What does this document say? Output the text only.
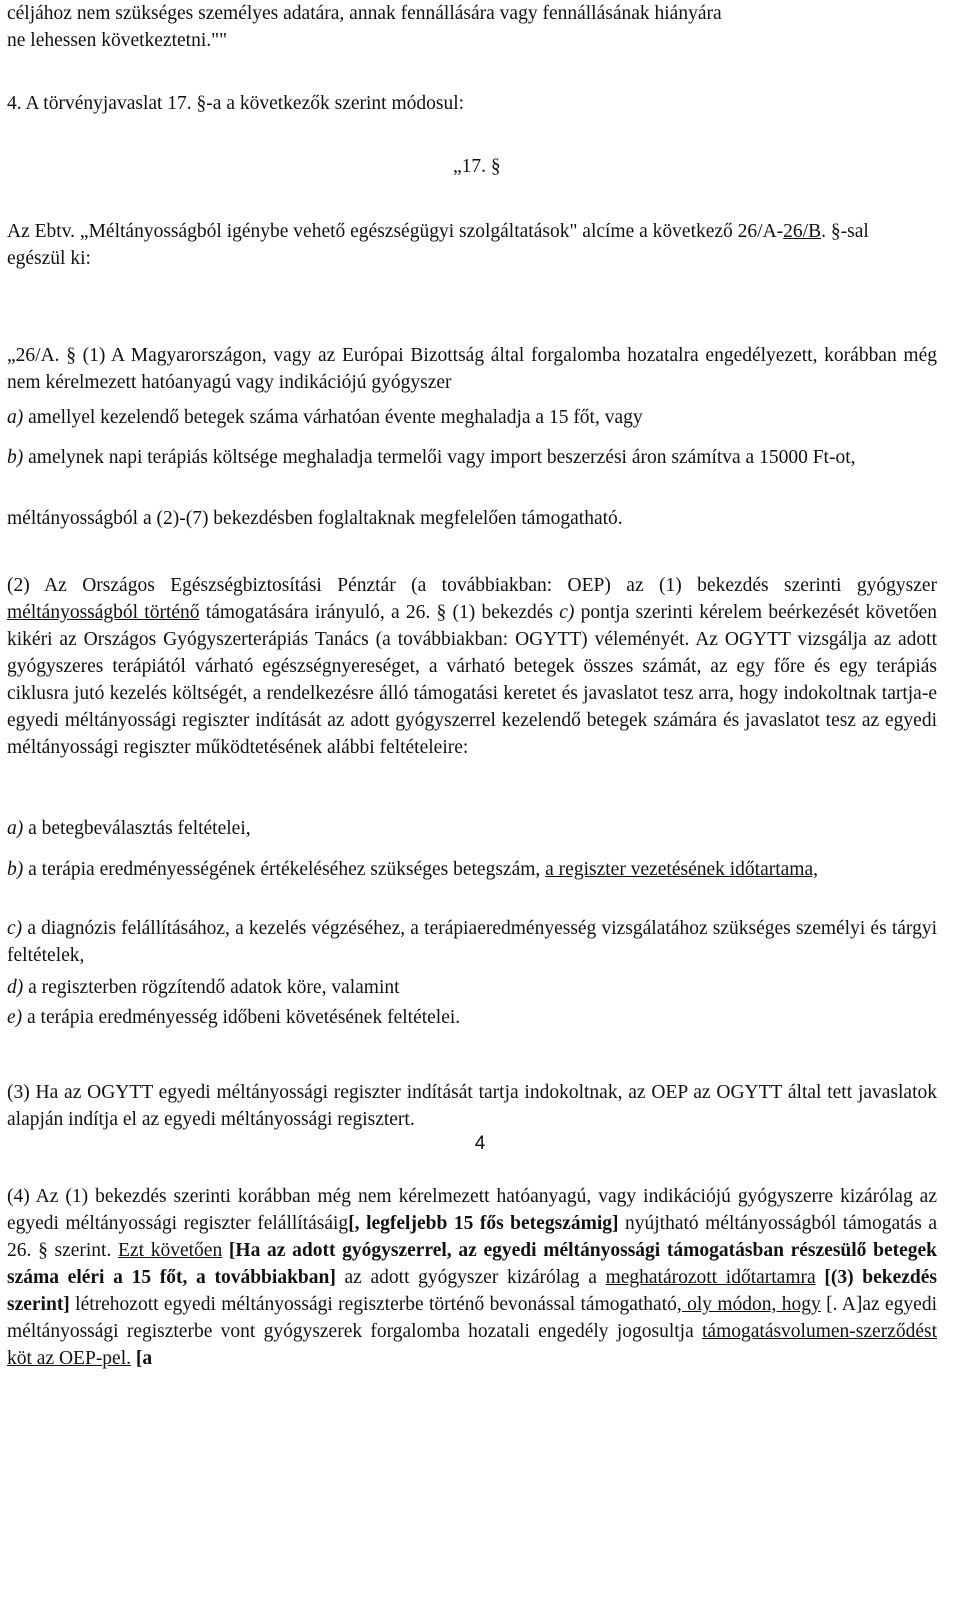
céljához nem szükséges személyes adatára, annak fennállására vagy fennállásának hiányára
ne lehessen következtetni.""

4. A törvényjavaslat 17. §-a a következők szerint módosul:

„17. §

Az Ebtv. „Méltányosságból igénybe vehető egészségügyi szolgáltatások" alcíme a következő 26/A-26/B. §-sal egészül ki:

„26/A. § (1) A Magyarországon, vagy az Európai Bizottság által forgalomba hozatalra engedélyezett, korábban még nem kérelmezett hatóanyagú vagy indikációjú gyógyszer

a) amellyel kezelendő betegek száma várhatóan évente meghaladja a 15 főt, vagy

b) amelynek napi terápiás költsége meghaladja termelői vagy import beszerzési áron számítva a 15000 Ft-ot,

méltányosságból a (2)-(7) bekezdésben foglaltaknak megfelelően támogatható.

(2) Az Országos Egészségbiztosítási Pénztár (a továbbiakban: OEP) az (1) bekezdés szerinti gyógyszer méltányosságból történő támogatására irányuló, a 26. § (1) bekezdés c) pontja szerinti kérelem beérkezését követően kikéri az Országos Gyógyszerterápiás Tanács (a továbbiakban: OGYTT) véleményét. Az OGYTT vizsgálja az adott gyógyszeres terápiától várható egészségnyereséget, a várható betegek összes számát, az egy főre és egy terápiás ciklusra jutó kezelés költségét, a rendelkezésre álló támogatási keretet és javaslatot tesz arra, hogy indokoltnak tartja-e egyedi méltányossági regiszter indítását az adott gyógyszerrel kezelendő betegek számára és javaslatot tesz az egyedi méltányossági regiszter működtetésének alábbi feltételeire:

a) a betegbeválasztás feltételei,

b) a terápia eredményességének értékeléséhez szükséges betegszám, a regiszter vezetésének időtartama,

c) a diagnózis felállításához, a kezelés végzéséhez, a terápiaeredményesség vizsgálatához szükséges személyi és tárgyi feltételek,

d) a regiszterben rögzítendő adatok köre, valamint

e) a terápia eredményesség időbeni követésének feltételei.

(3) Ha az OGYTT egyedi méltányossági regiszter indítását tartja indokoltnak, az OEP az OGYTT által tett javaslatok alapján indítja el az egyedi méltányossági regisztert.

(4) Az (1) bekezdés szerinti korábban még nem kérelmezett hatóanyagú, vagy indikációjú gyógyszerre kizárólag az egyedi méltányossági regiszter felállításáig[, legfeljebb 15 fős betegszámig] nyújtható méltányosságból támogatás a 26. § szerint. Ezt követően [Ha az adott gyógyszerrel, az egyedi méltányossági támogatásban részesülő betegek száma eléri a 15 főt, a továbbiakban] az adott gyógyszer kizárólag a meghatározott időtartamra [(3) bekezdés szerint] létrehozott egyedi méltányossági regiszterbe történő bevonással támogatható, oly módon, hogy [. A]az egyedi méltányossági regiszterbe vont gyógyszerek forgalomba hozatali engedély jogosultja támogatásvolumen-szerződést köt az OEP-pel. [a

4
